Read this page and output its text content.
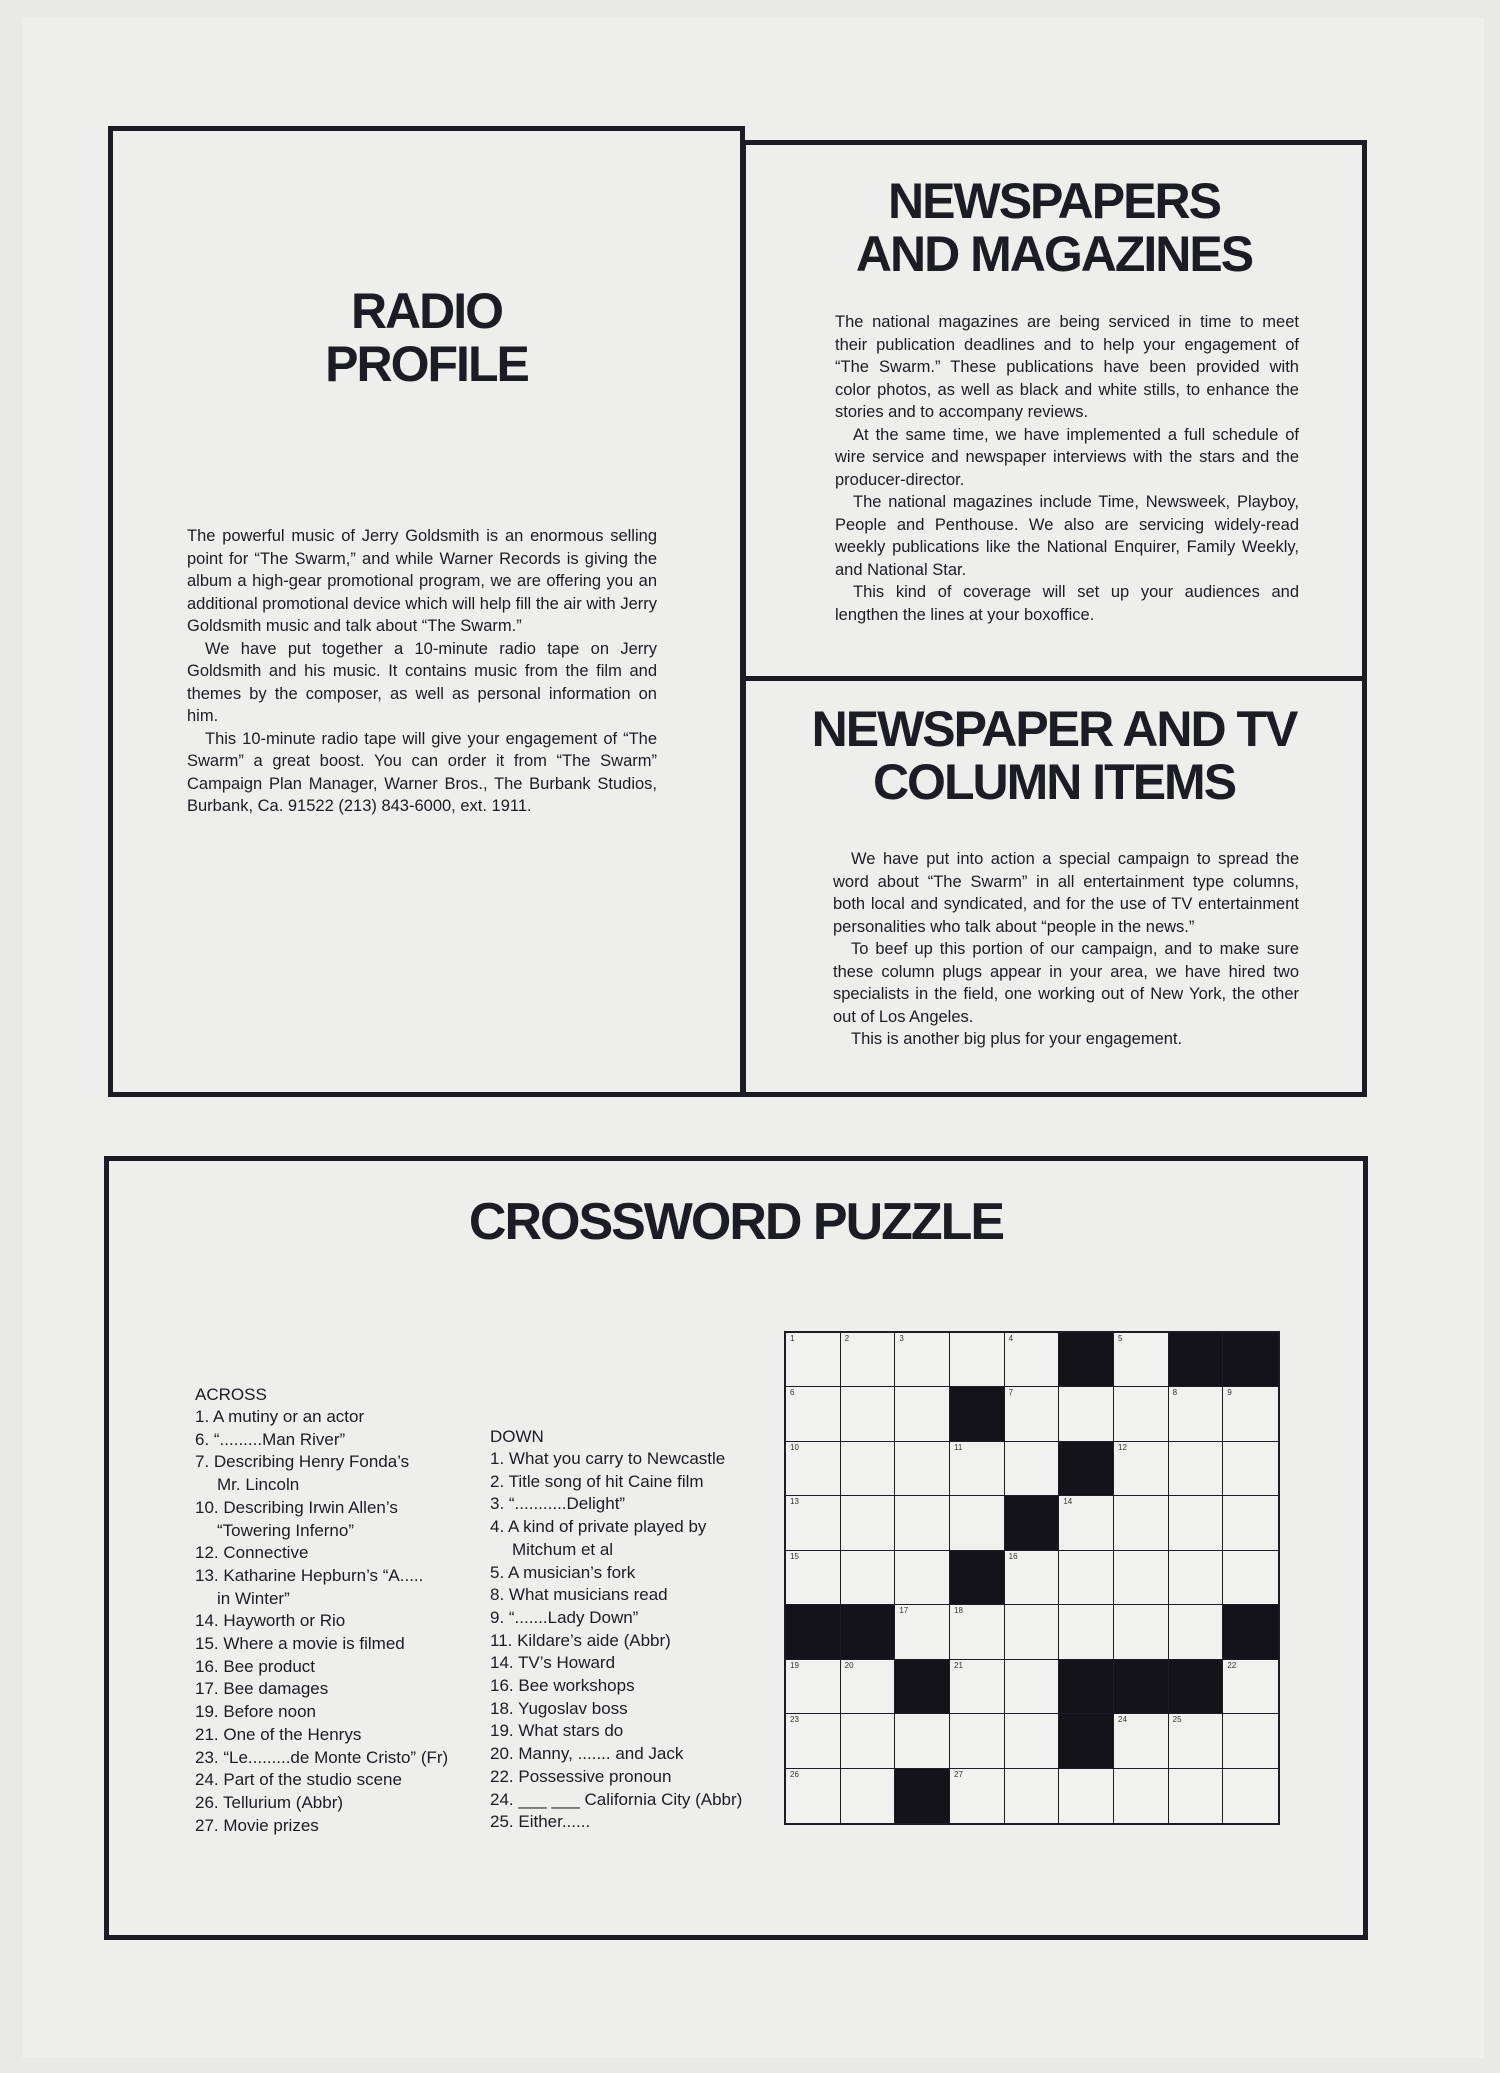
RADIO
PROFILE

The powerful music of Jerry Goldsmith is an enormous selling point for “The Swarm,” and while Warner Records is giving the album a high-gear promotional program, we are offering you an additional promotional device which will help fill the air with Jerry Goldsmith music and talk about “The Swarm.”

We have put together a 10-minute radio tape on Jerry Goldsmith and his music. It contains music from the film and themes by the composer, as well as personal information on him.

This 10-minute radio tape will give your engagement of “The Swarm” a great boost. You can order it from “The Swarm” Campaign Plan Manager, Warner Bros., The Burbank Studios, Burbank, Ca. 91522 (213) 843-6000, ext. 1911.

NEWSPAPERS
AND MAGAZINES

The national magazines are being serviced in time to meet their publication deadlines and to help your engagement of “The Swarm.” These publications have been provided with color photos, as well as black and white stills, to enhance the stories and to accompany reviews.

At the same time, we have implemented a full schedule of wire service and newspaper interviews with the stars and the producer-director.

The national magazines include Time, Newsweek, Playboy, People and Penthouse. We also are servicing widely-read weekly publications like the National Enquirer, Family Weekly, and National Star.

This kind of coverage will set up your audiences and lengthen the lines at your boxoffice.

NEWSPAPER AND TV
COLUMN ITEMS

We have put into action a special campaign to spread the word about “The Swarm” in all entertainment type columns, both local and syndicated, and for the use of TV entertainment personalities who talk about “people in the news.”

To beef up this portion of our campaign, and to make sure these column plugs appear in your area, we have hired two specialists in the field, one working out of New York, the other out of Los Angeles.

This is another big plus for your engagement.

CROSSWORD PUZZLE
ACROSS
1. A mutiny or an actor
6. “.........Man River”
7. Describing Henry Fonda’s
Mr. Lincoln
10. Describing Irwin Allen’s
“Towering Inferno”
12. Connective
13. Katharine Hepburn’s “A.....
in Winter”
14. Hayworth or Rio
15. Where a movie is filmed
16. Bee product
17. Bee damages
19. Before noon
21. One of the Henrys
23. “Le.........de Monte Cristo” (Fr)
24. Part of the studio scene
26. Tellurium (Abbr)
27. Movie prizes
DOWN
1. What you carry to Newcastle
2. Title song of hit Caine film
3. “...........Delight”
4. A kind of private played by
Mitchum et al
5. A musician’s fork
8. What musicians read
9. “.......Lady Down”
11. Kildare’s aide (Abbr)
14. TV’s Howard
16. Bee workshops
18. Yugoslav boss
19. What stars do
20. Manny, ....... and Jack
22. Possessive pronoun
24. ___ ___ California City (Abbr)
25. Either......
1	2	3	4	5
6	7	8	9
10	11	12
13	14
15	16
17	18
19	20	21	22
23	24	25
26	27
